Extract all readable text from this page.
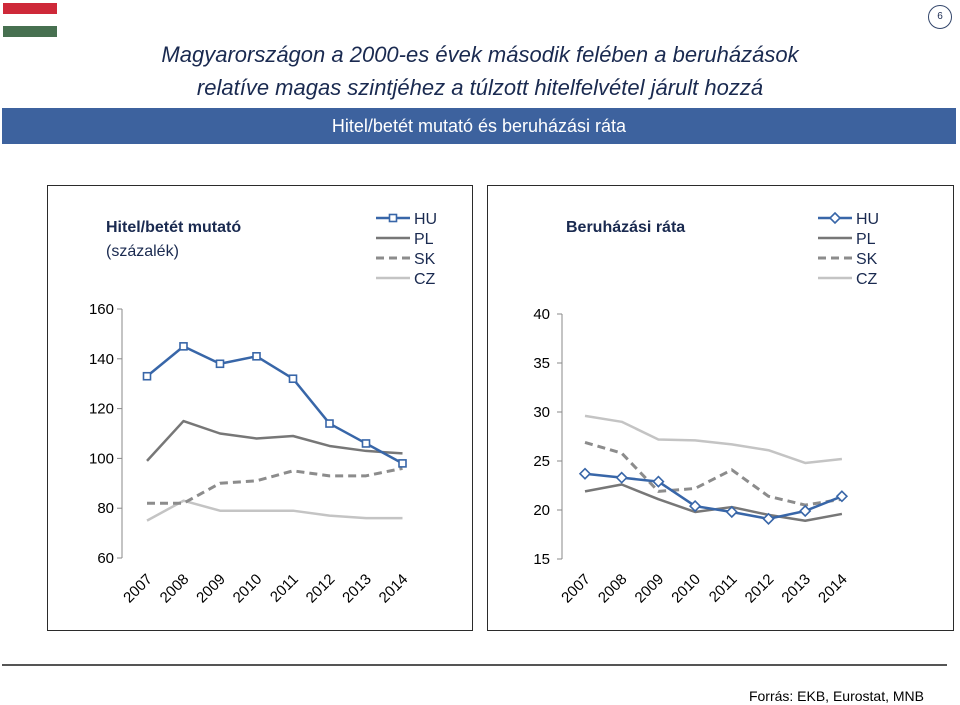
6
Magyarországon a 2000-es évek második felében a beruházások
relatíve magas szintjéhez a túlzott hitelfelvétel járult hozzá
Hitel/betét mutató és beruházási ráta
Hitel/betét mutató
(százalék)
160
140
120
100
80
60
2007 2008 2009 2010 2011 2012 2013 2014
HU
PL
SK
CZ
Beruházási ráta
40
35
30
25
20
15
2007 2008 2009 2010 2011 2012 2013 2014
HU
PL
SK
CZ
Forrás: EKB, Eurostat, MNB
